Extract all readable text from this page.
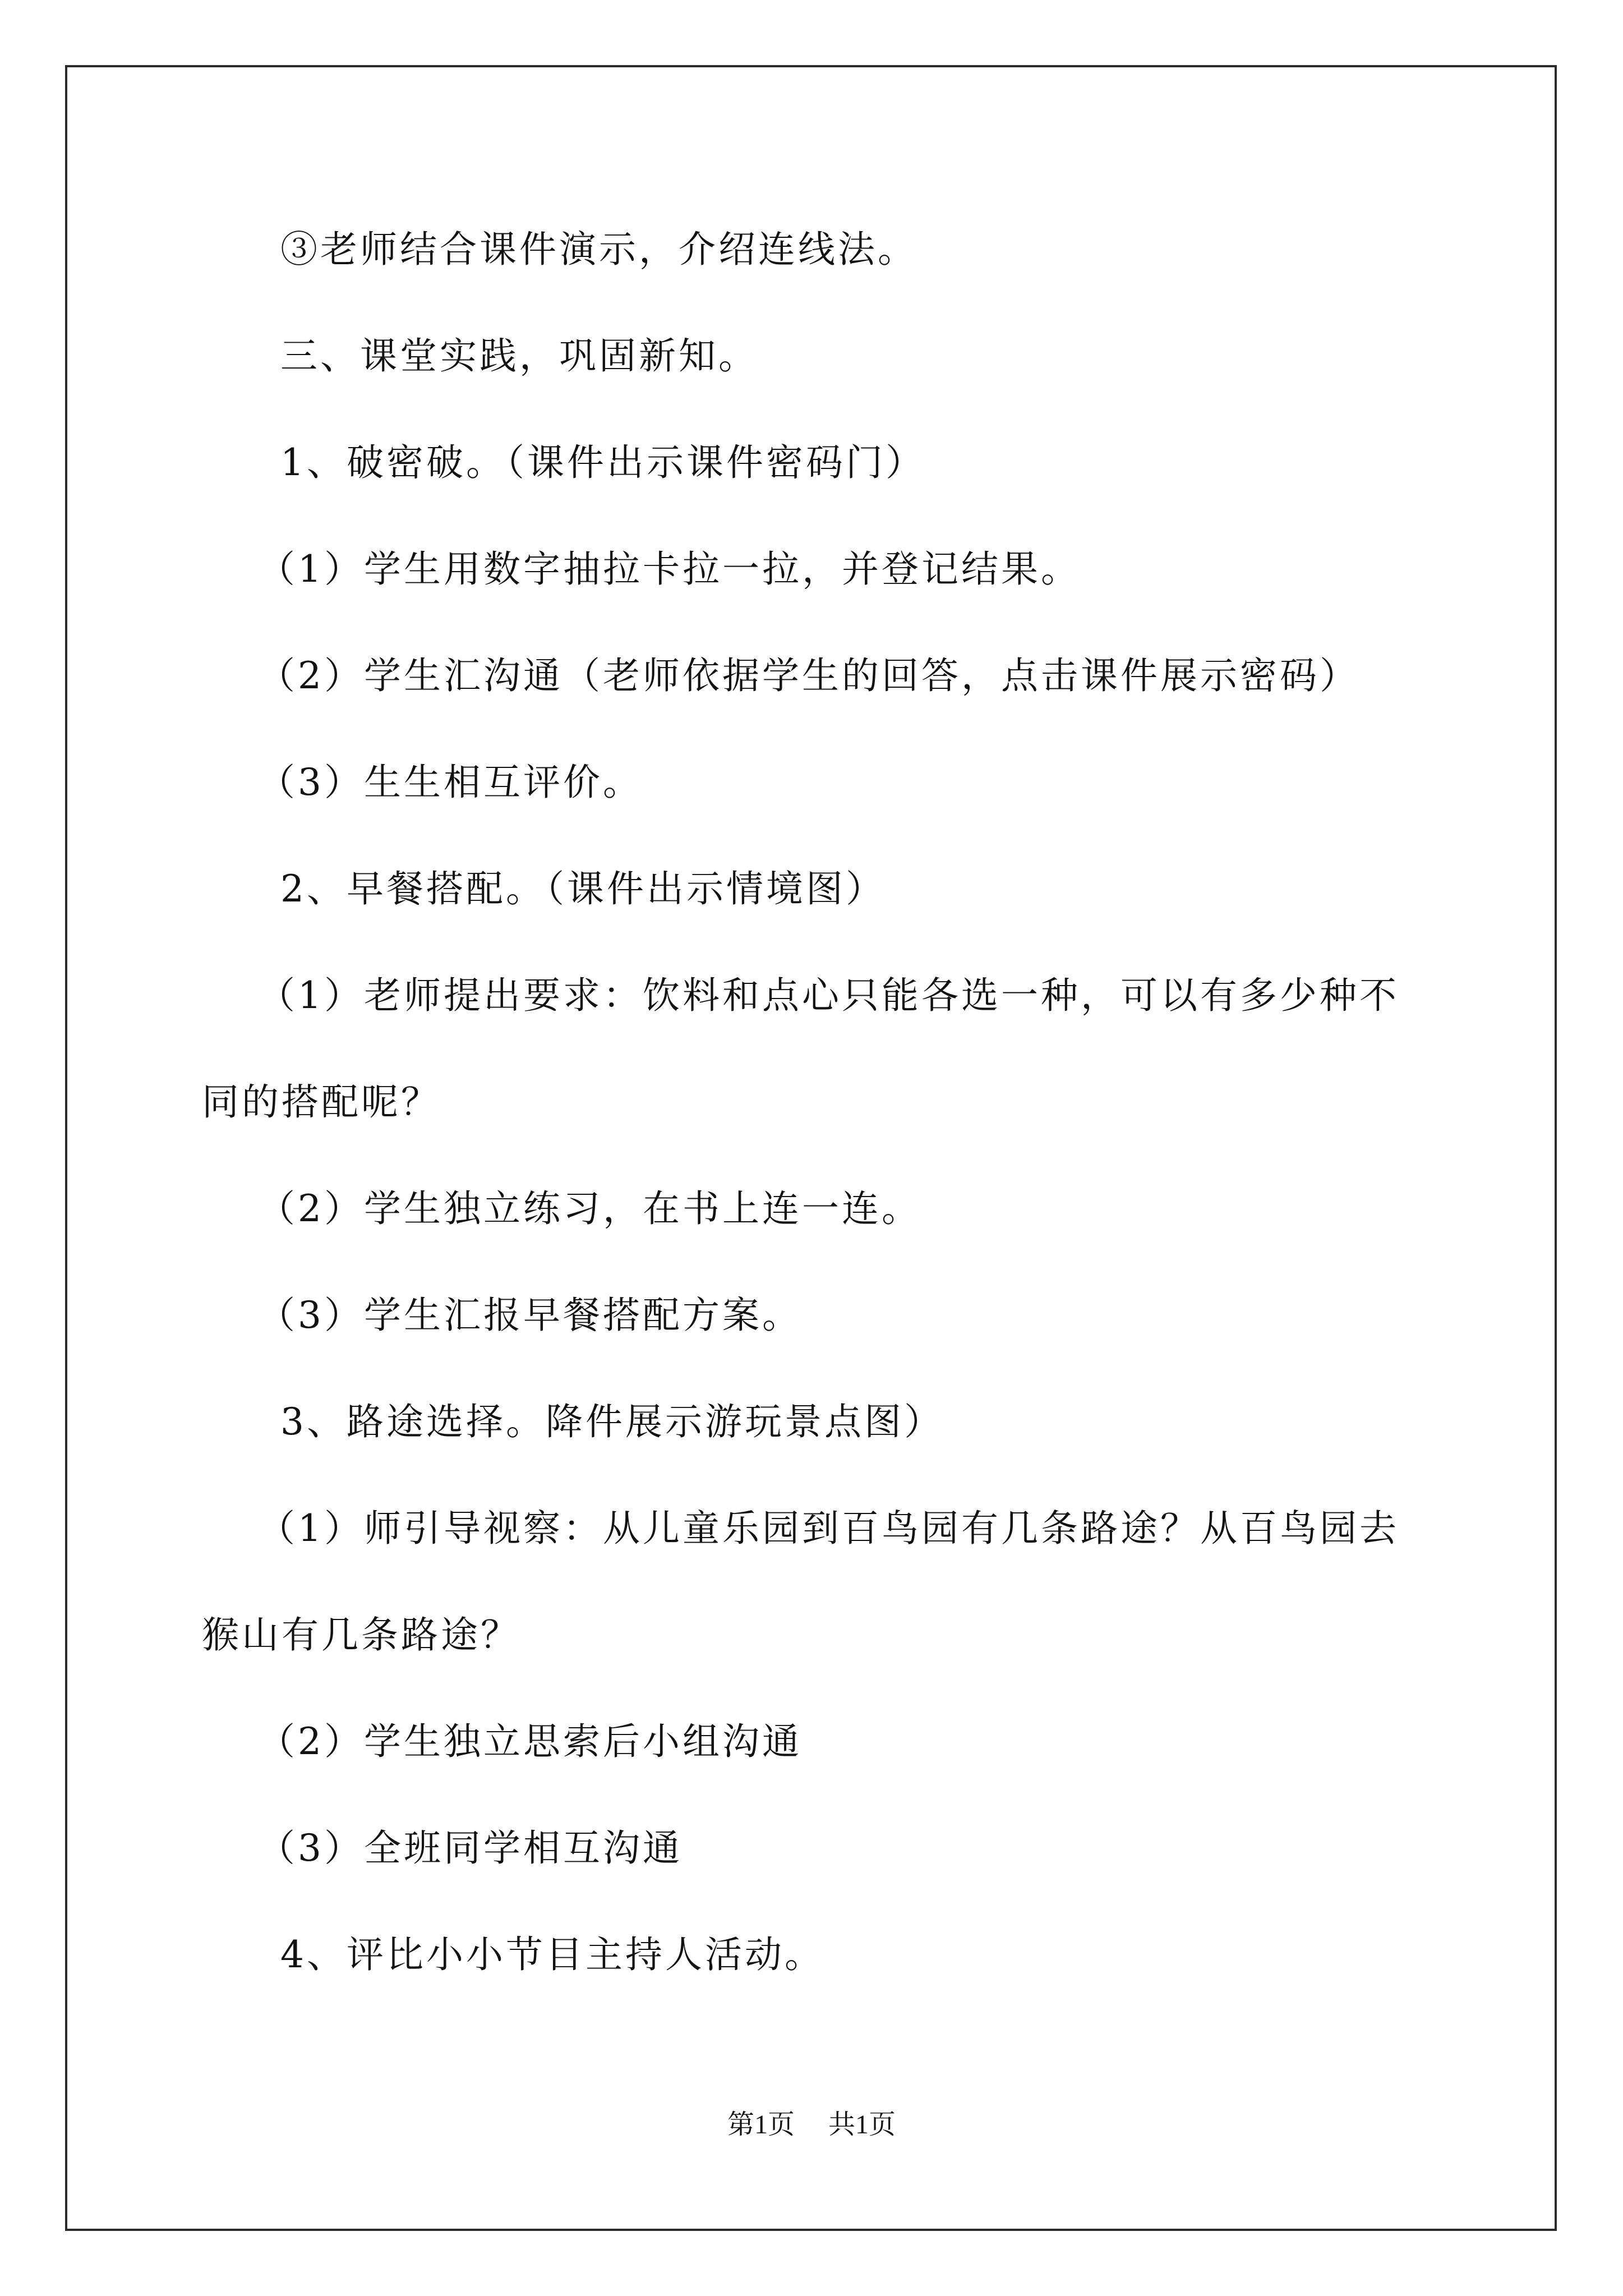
③老师结合课件演示，介绍连线法。
三、课堂实践，巩固新知。
1、破密破。（课件出示课件密码门）
（1）学生用数字抽拉卡拉一拉，并登记结果。
（2）学生汇沟通（老师依据学生的回答，点击课件展示密码）
（3）生生相互评价。
2、早餐搭配。（课件出示情境图）
（1）老师提出要求：饮料和点心只能各选一种，可以有多少种不
同的搭配呢？
（2）学生独立练习，在书上连一连。
（3）学生汇报早餐搭配方案。
3、路途选择。降件展示游玩景点图）
（1）师引导视察：从儿童乐园到百鸟园有几条路途？从百鸟园去
猴山有几条路途？
（2）学生独立思索后小组沟通
（3）全班同学相互沟通
4、评比小小节目主持人活动。
第1页 共1页
